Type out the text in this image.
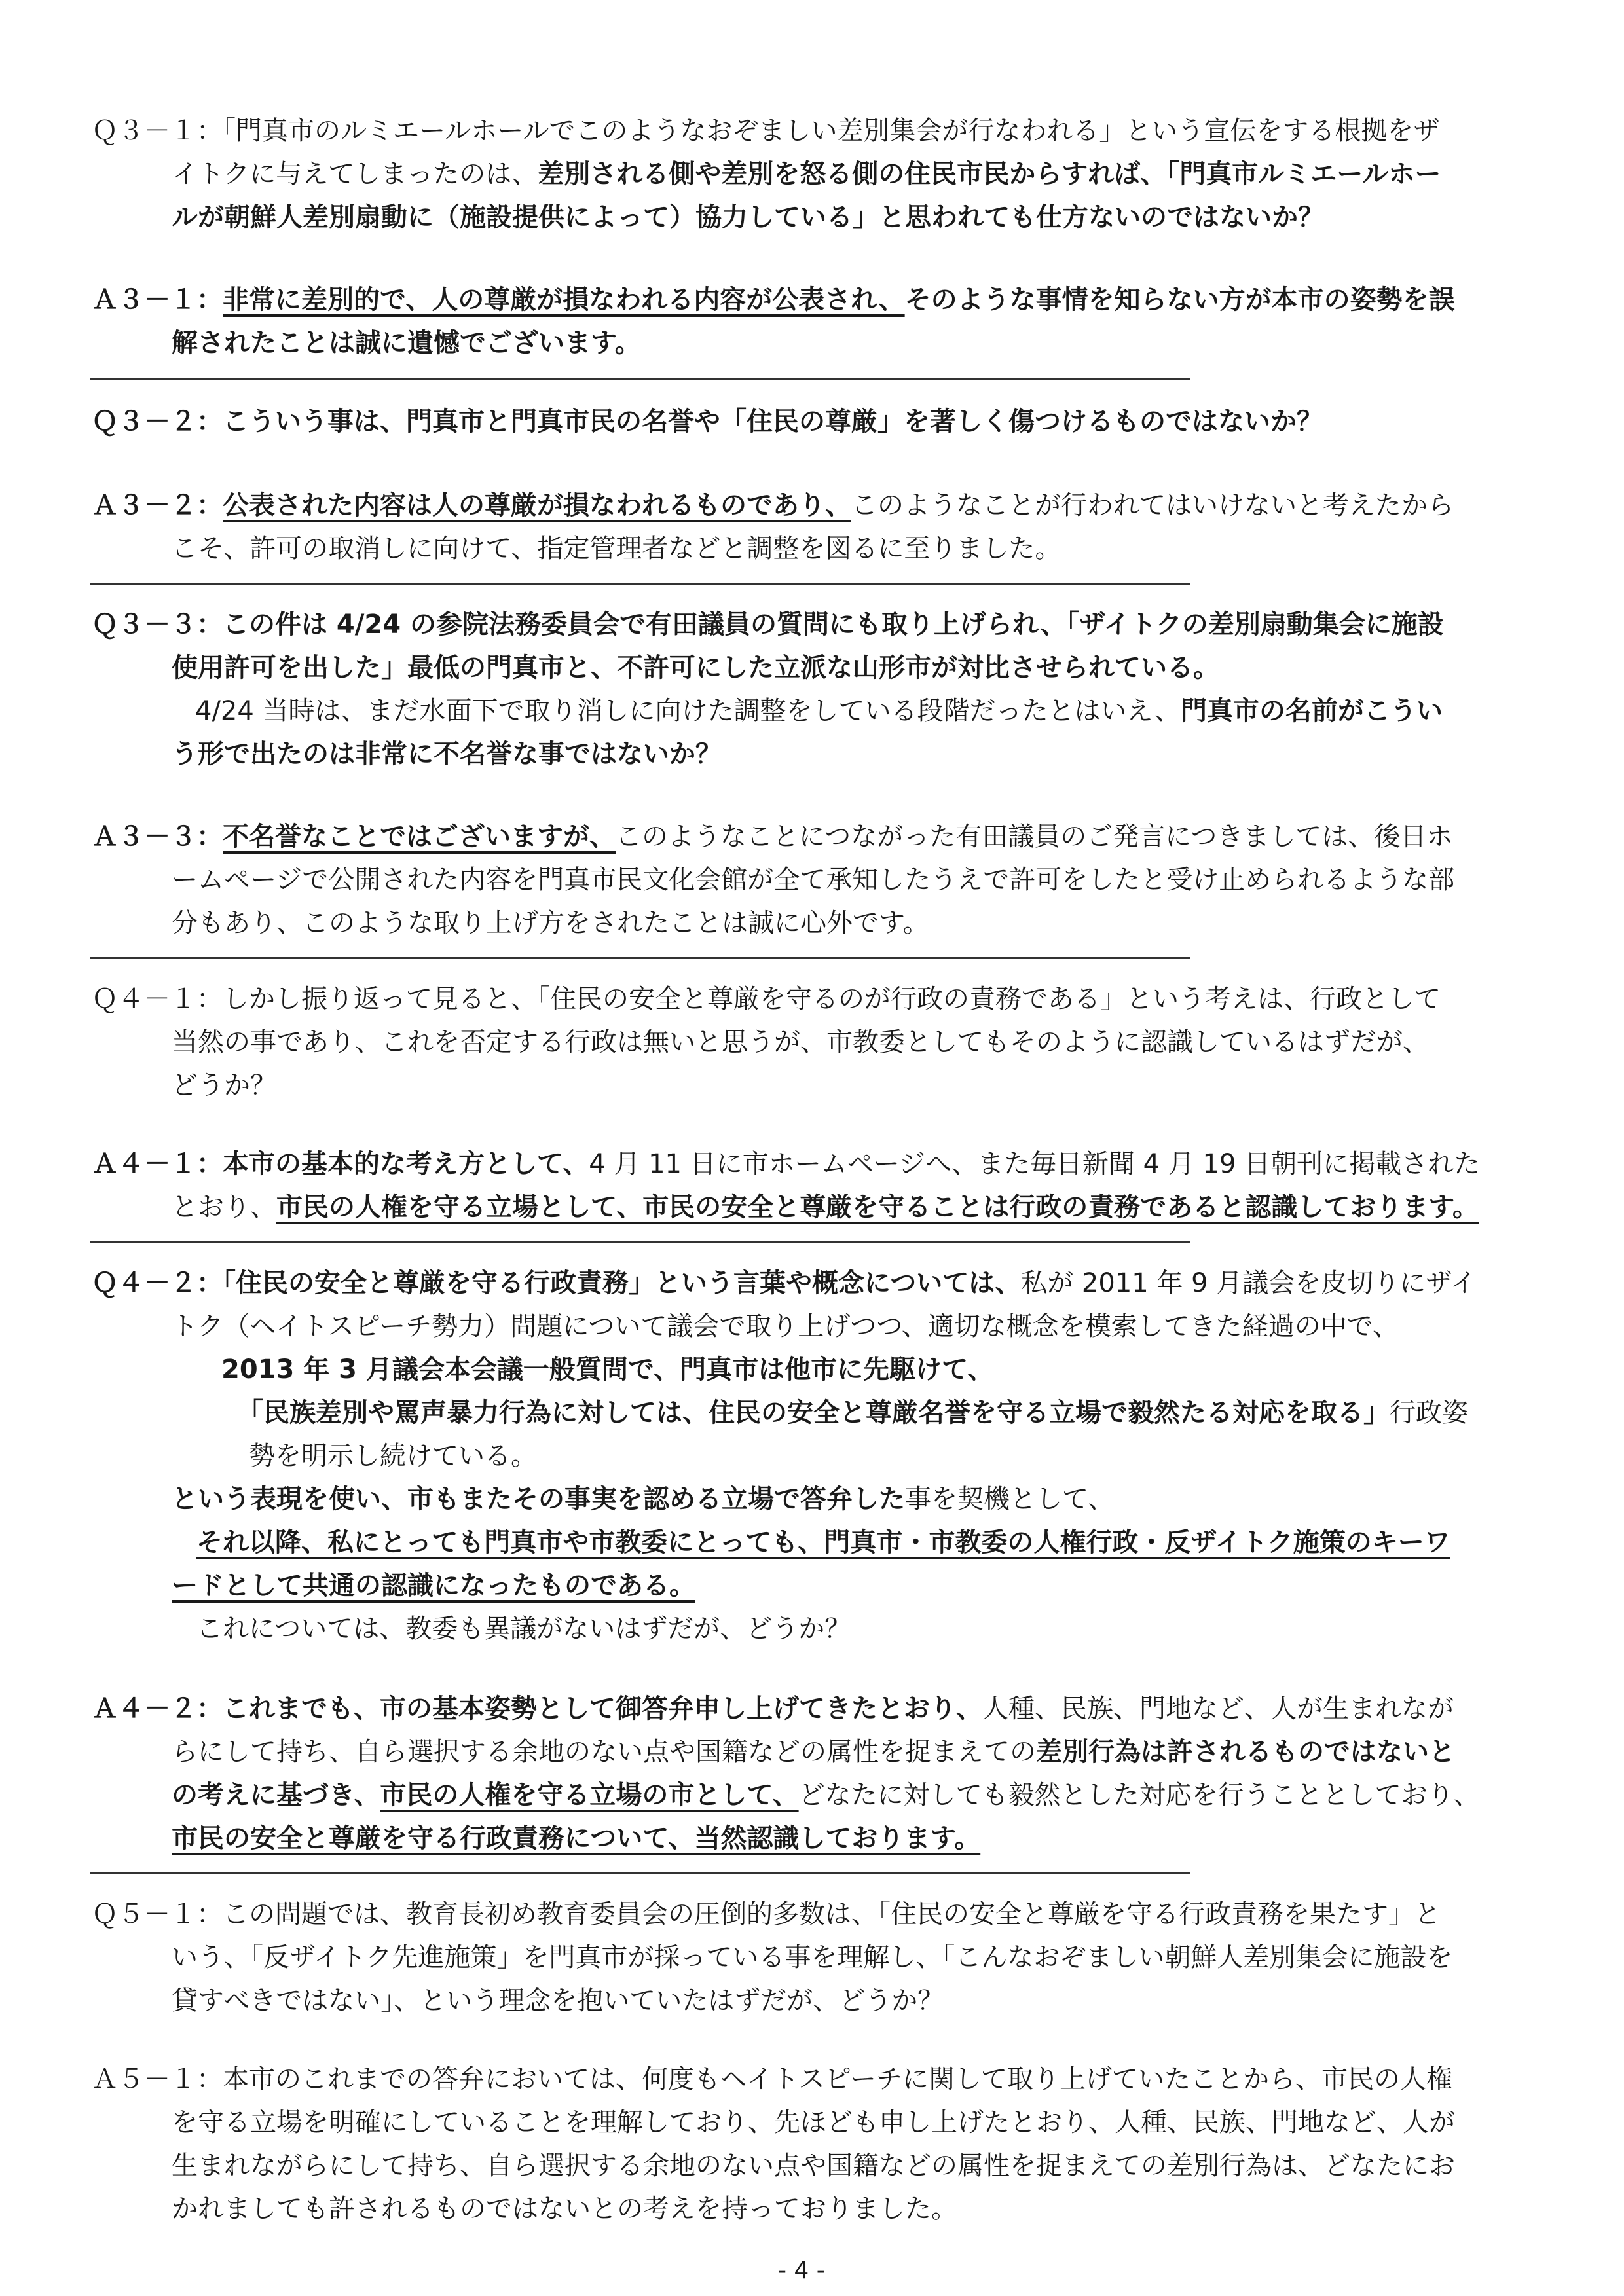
Ｑ３－１：「門真市のルミエールホールでこのようなおぞましい差別集会が行なわれる」という宣伝をする根拠をザ
イトクに与えてしまったのは、差別される側や差別を怒る側の住民市民からすれば、「門真市ルミエールホー
ルが朝鮮人差別扇動に（施設提供によって）協力している」と思われても仕方ないのではないか？
Ａ３－１：非常に差別的で、人の尊厳が損なわれる内容が公表され、そのような事情を知らない方が本市の姿勢を誤
解されたことは誠に遺憾でございます。
Ｑ３－２：こういう事は、門真市と門真市民の名誉や「住民の尊厳」を著しく傷つけるものではないか？
Ａ３－２：公表された内容は人の尊厳が損なわれるものであり、このようなことが行われてはいけないと考えたから
こそ、許可の取消しに向けて、指定管理者などと調整を図るに至りました。
Ｑ３－３：この件は 4/24 の参院法務委員会で有田議員の質問にも取り上げられ、「ザイトクの差別扇動集会に施設
使用許可を出した」最低の門真市と、不許可にした立派な山形市が対比させられている。
4/24 当時は、まだ水面下で取り消しに向けた調整をしている段階だったとはいえ、門真市の名前がこうい
う形で出たのは非常に不名誉な事ではないか？
Ａ３－３：不名誉なことではございますが、このようなことにつながった有田議員のご発言につきましては、後日ホ
ームページで公開された内容を門真市民文化会館が全て承知したうえで許可をしたと受け止められるような部
分もあり、このような取り上げ方をされたことは誠に心外です。
Ｑ４－１：しかし振り返って見ると、「住民の安全と尊厳を守るのが行政の責務である」という考えは、行政として
当然の事であり、これを否定する行政は無いと思うが、市教委としてもそのように認識しているはずだが、
どうか？
Ａ４－１：本市の基本的な考え方として、4 月 11 日に市ホームページへ、また毎日新聞 4 月 19 日朝刊に掲載された
とおり、市民の人権を守る立場として、市民の安全と尊厳を守ることは行政の責務であると認識しております。
Ｑ４－２：「住民の安全と尊厳を守る行政責務」という言葉や概念については、私が 2011 年 9 月議会を皮切りにザイ
トク（ヘイトスピーチ勢力）問題について議会で取り上げつつ、適切な概念を模索してきた経過の中で、
2013 年 3 月議会本会議一般質問で、門真市は他市に先駆けて、
「民族差別や罵声暴力行為に対しては、住民の安全と尊厳名誉を守る立場で毅然たる対応を取る」行政姿
勢を明示し続けている。
という表現を使い、市もまたその事実を認める立場で答弁した事を契機として、
それ以降、私にとっても門真市や市教委にとっても、門真市・市教委の人権行政・反ザイトク施策のキーワ
ードとして共通の認識になったものである。
これについては、教委も異議がないはずだが、どうか？
Ａ４－２：これまでも、市の基本姿勢として御答弁申し上げてきたとおり、人種、民族、門地など、人が生まれなが
らにして持ち、自ら選択する余地のない点や国籍などの属性を捉まえての差別行為は許されるものではないと
の考えに基づき、市民の人権を守る立場の市として、どなたに対しても毅然とした対応を行うこととしており、
市民の安全と尊厳を守る行政責務について、当然認識しております。
Ｑ５－１：この問題では、教育長初め教育委員会の圧倒的多数は、「住民の安全と尊厳を守る行政責務を果たす」と
いう、「反ザイトク先進施策」を門真市が採っている事を理解し、「こんなおぞましい朝鮮人差別集会に施設を
貸すべきではない」、という理念を抱いていたはずだが、どうか？
Ａ５－１：本市のこれまでの答弁においては、何度もヘイトスピーチに関して取り上げていたことから、市民の人権
を守る立場を明確にしていることを理解しており、先ほども申し上げたとおり、人種、民族、門地など、人が
生まれながらにして持ち、自ら選択する余地のない点や国籍などの属性を捉まえての差別行為は、どなたにお
かれましても許されるものではないとの考えを持っておりました。
- 4 -
